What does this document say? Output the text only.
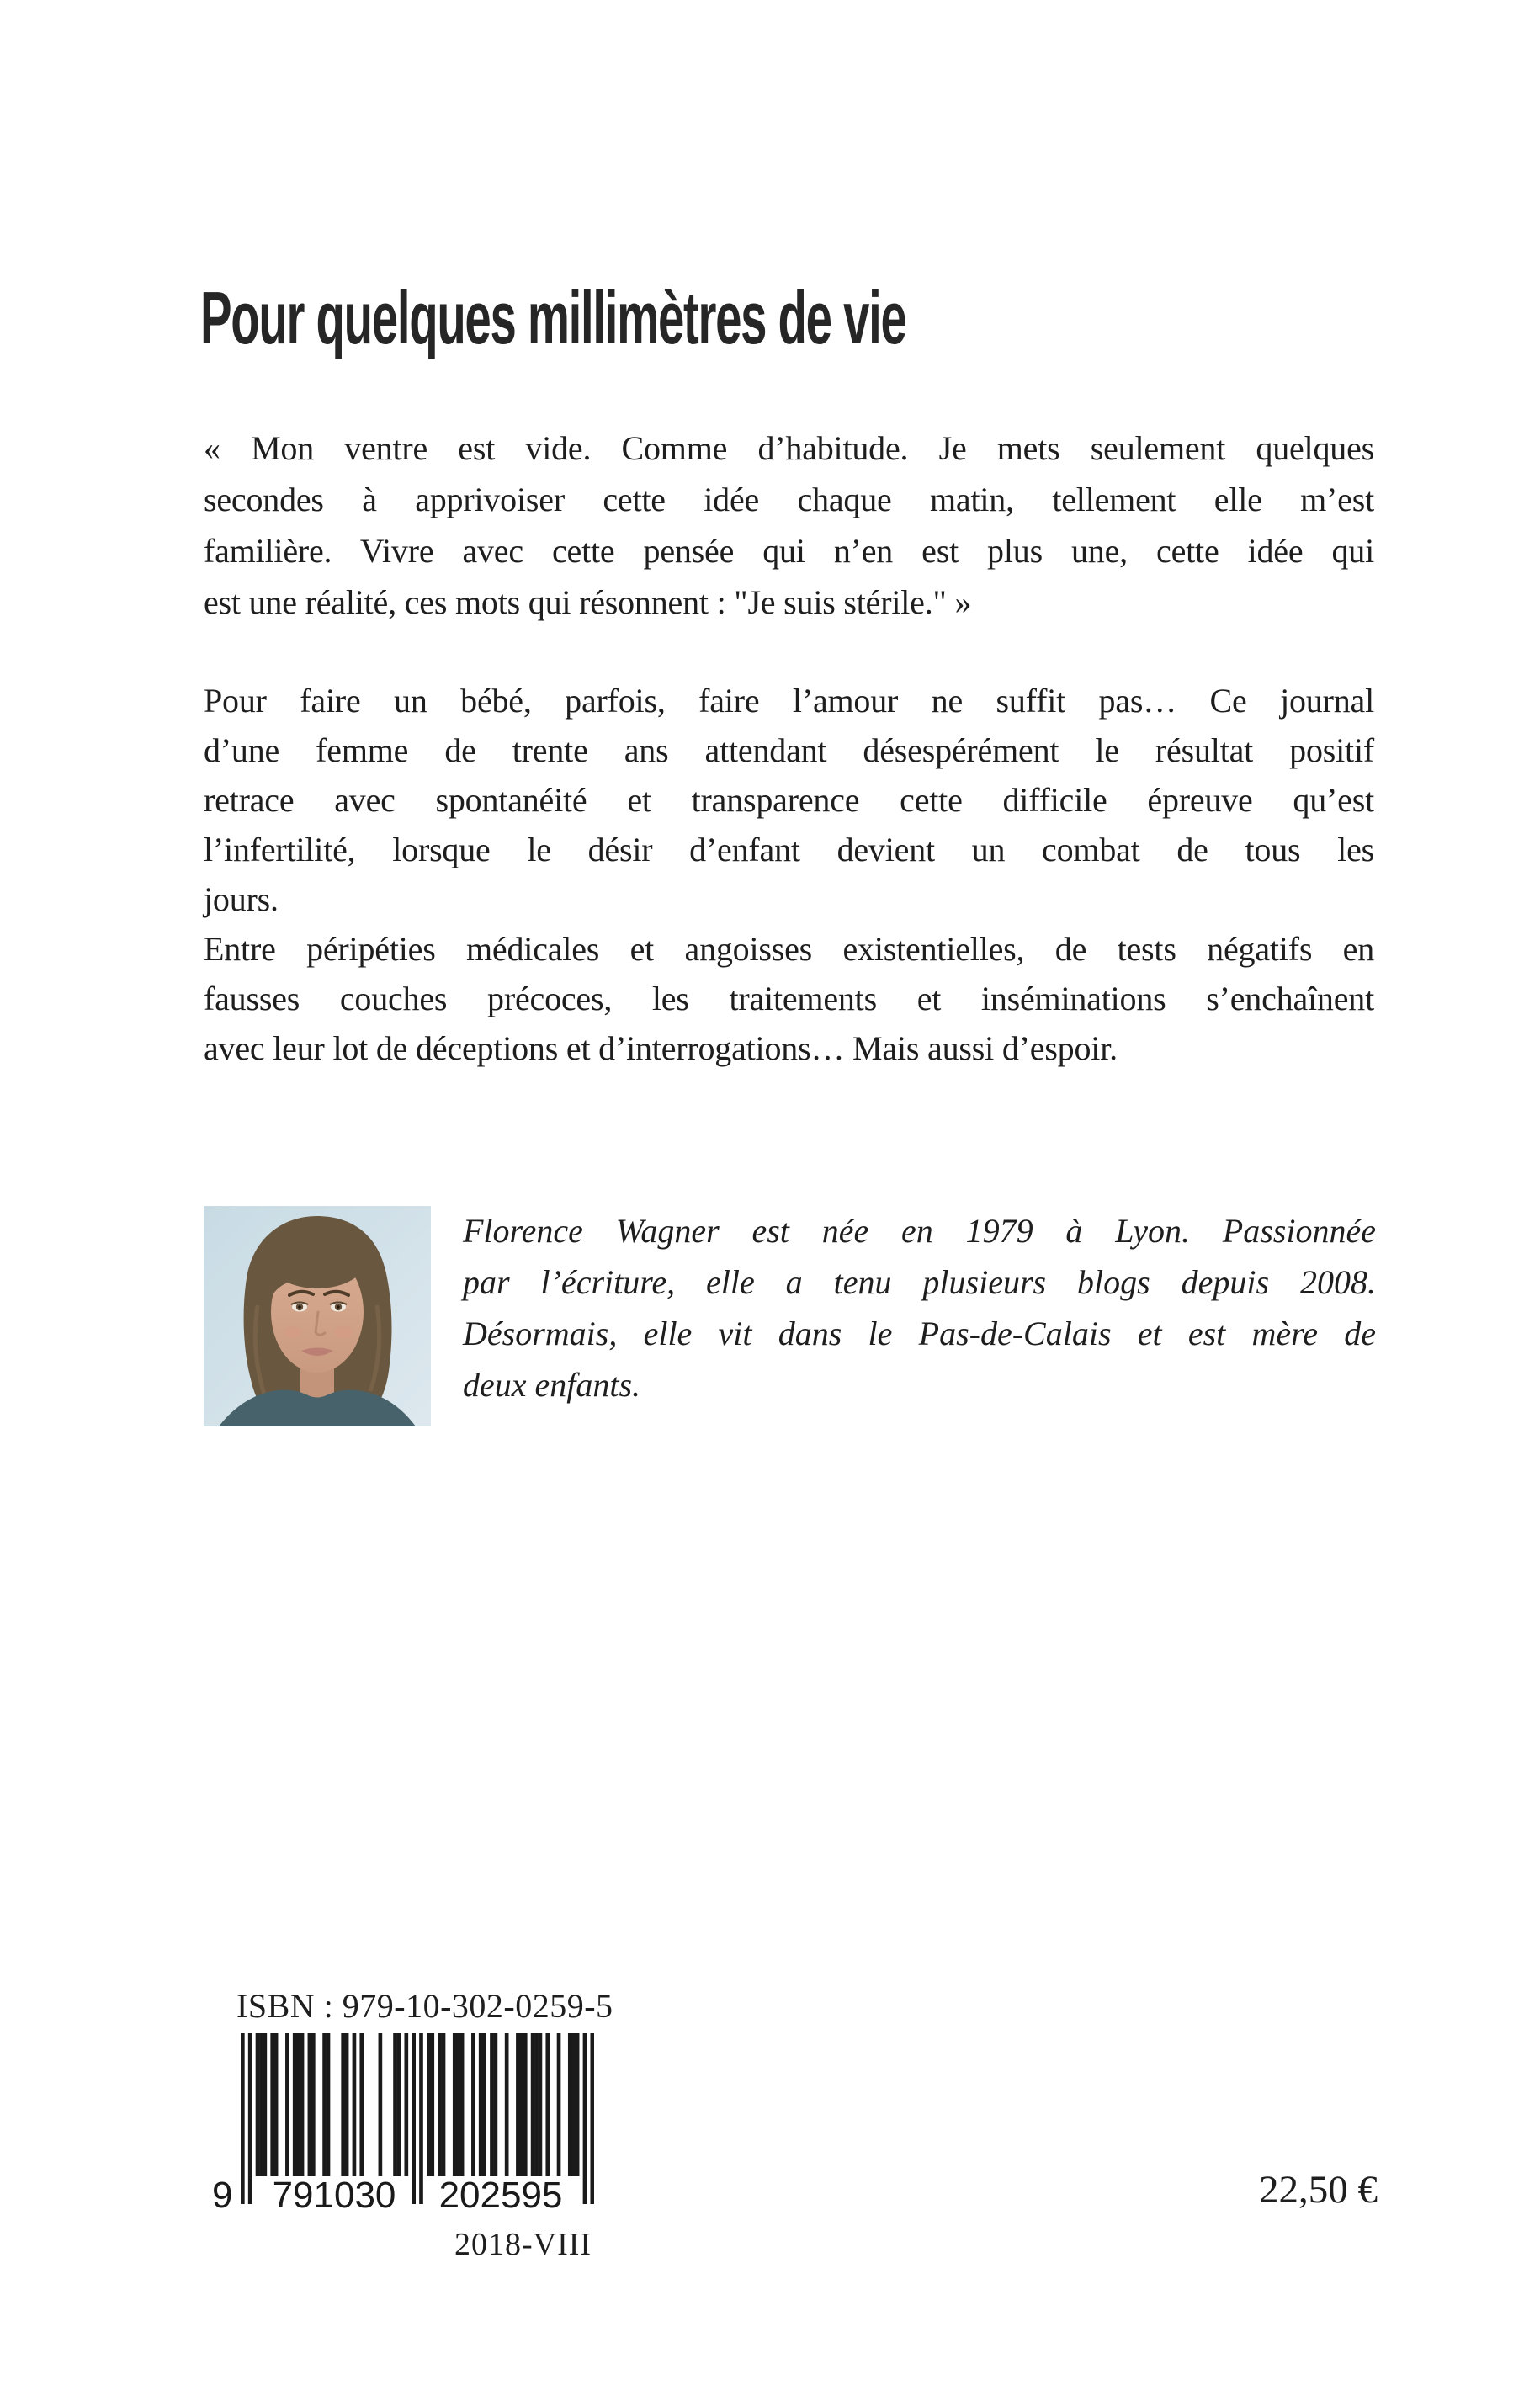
Pour quelques millimètres de vie
« Mon ventre est vide. Comme d’habitude. Je mets seulement quelques
secondes à apprivoiser cette idée chaque matin, tellement elle m’est
familière. Vivre avec cette pensée qui n’en est plus une, cette idée qui
est une réalité, ces mots qui résonnent : "Je suis stérile." »
Pour faire un bébé, parfois, faire l’amour ne suffit pas… Ce journal
d’une femme de trente ans attendant désespérément le résultat positif
retrace avec spontanéité et transparence cette difficile épreuve qu’est
l’infertilité, lorsque le désir d’enfant devient un combat de tous les
jours.
Entre péripéties médicales et angoisses existentielles, de tests négatifs en
fausses couches précoces, les traitements et inséminations s’enchaînent
avec leur lot de déceptions et d’interrogations… Mais aussi d’espoir.
Florence Wagner est née en 1979 à Lyon. Passionnée
par l’écriture, elle a tenu plusieurs blogs depuis 2008.
Désormais, elle vit dans le Pas-de-Calais et est mère de
deux enfants.
ISBN : 979-10-302-0259-5
9 791030 202595
2018-VIII
22,50 €
